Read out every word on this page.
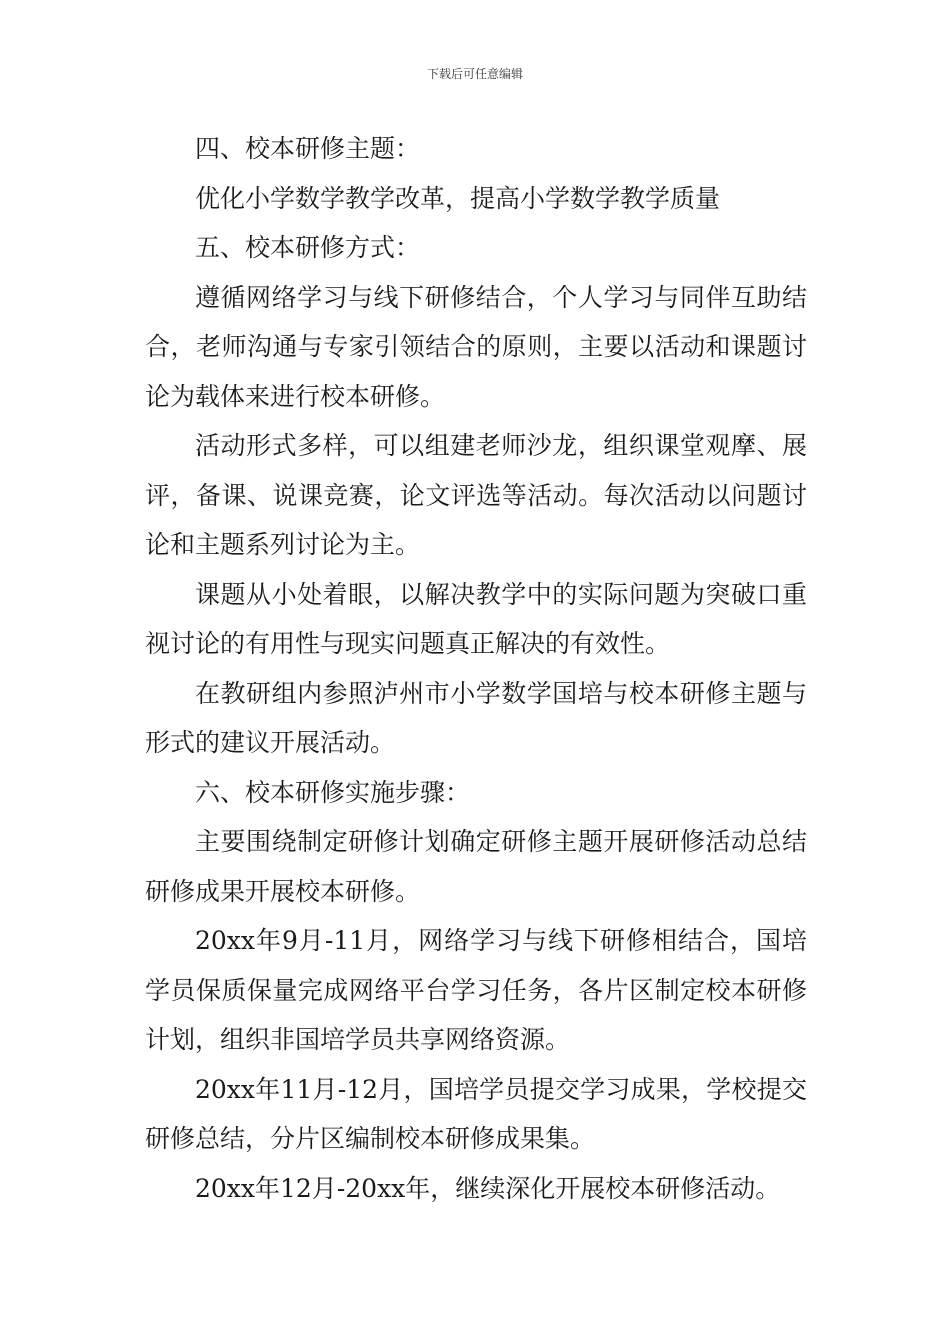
下载后可任意编辑

四、校本研修主题：

优化小学数学教学改革，提高小学数学教学质量

五、校本研修方式：

遵循网络学习与线下研修结合，个人学习与同伴互助结合，老师沟通与专家引领结合的原则，主要以活动和课题讨论为载体来进行校本研修。

活动形式多样，可以组建老师沙龙，组织课堂观摩、展评，备课、说课竞赛，论文评选等活动。每次活动以问题讨论和主题系列讨论为主。

课题从小处着眼，以解决教学中的实际问题为突破口重视讨论的有用性与现实问题真正解决的有效性。

在教研组内参照泸州市小学数学国培与校本研修主题与形式的建议开展活动。

六、校本研修实施步骤：

主要围绕制定研修计划确定研修主题开展研修活动总结研修成果开展校本研修。

20xx年9月-11月，网络学习与线下研修相结合，国培学员保质保量完成网络平台学习任务，各片区制定校本研修计划，组织非国培学员共享网络资源。

20xx年11月-12月，国培学员提交学习成果，学校提交研修总结，分片区编制校本研修成果集。

20xx年12月-20xx年，继续深化开展校本研修活动。
